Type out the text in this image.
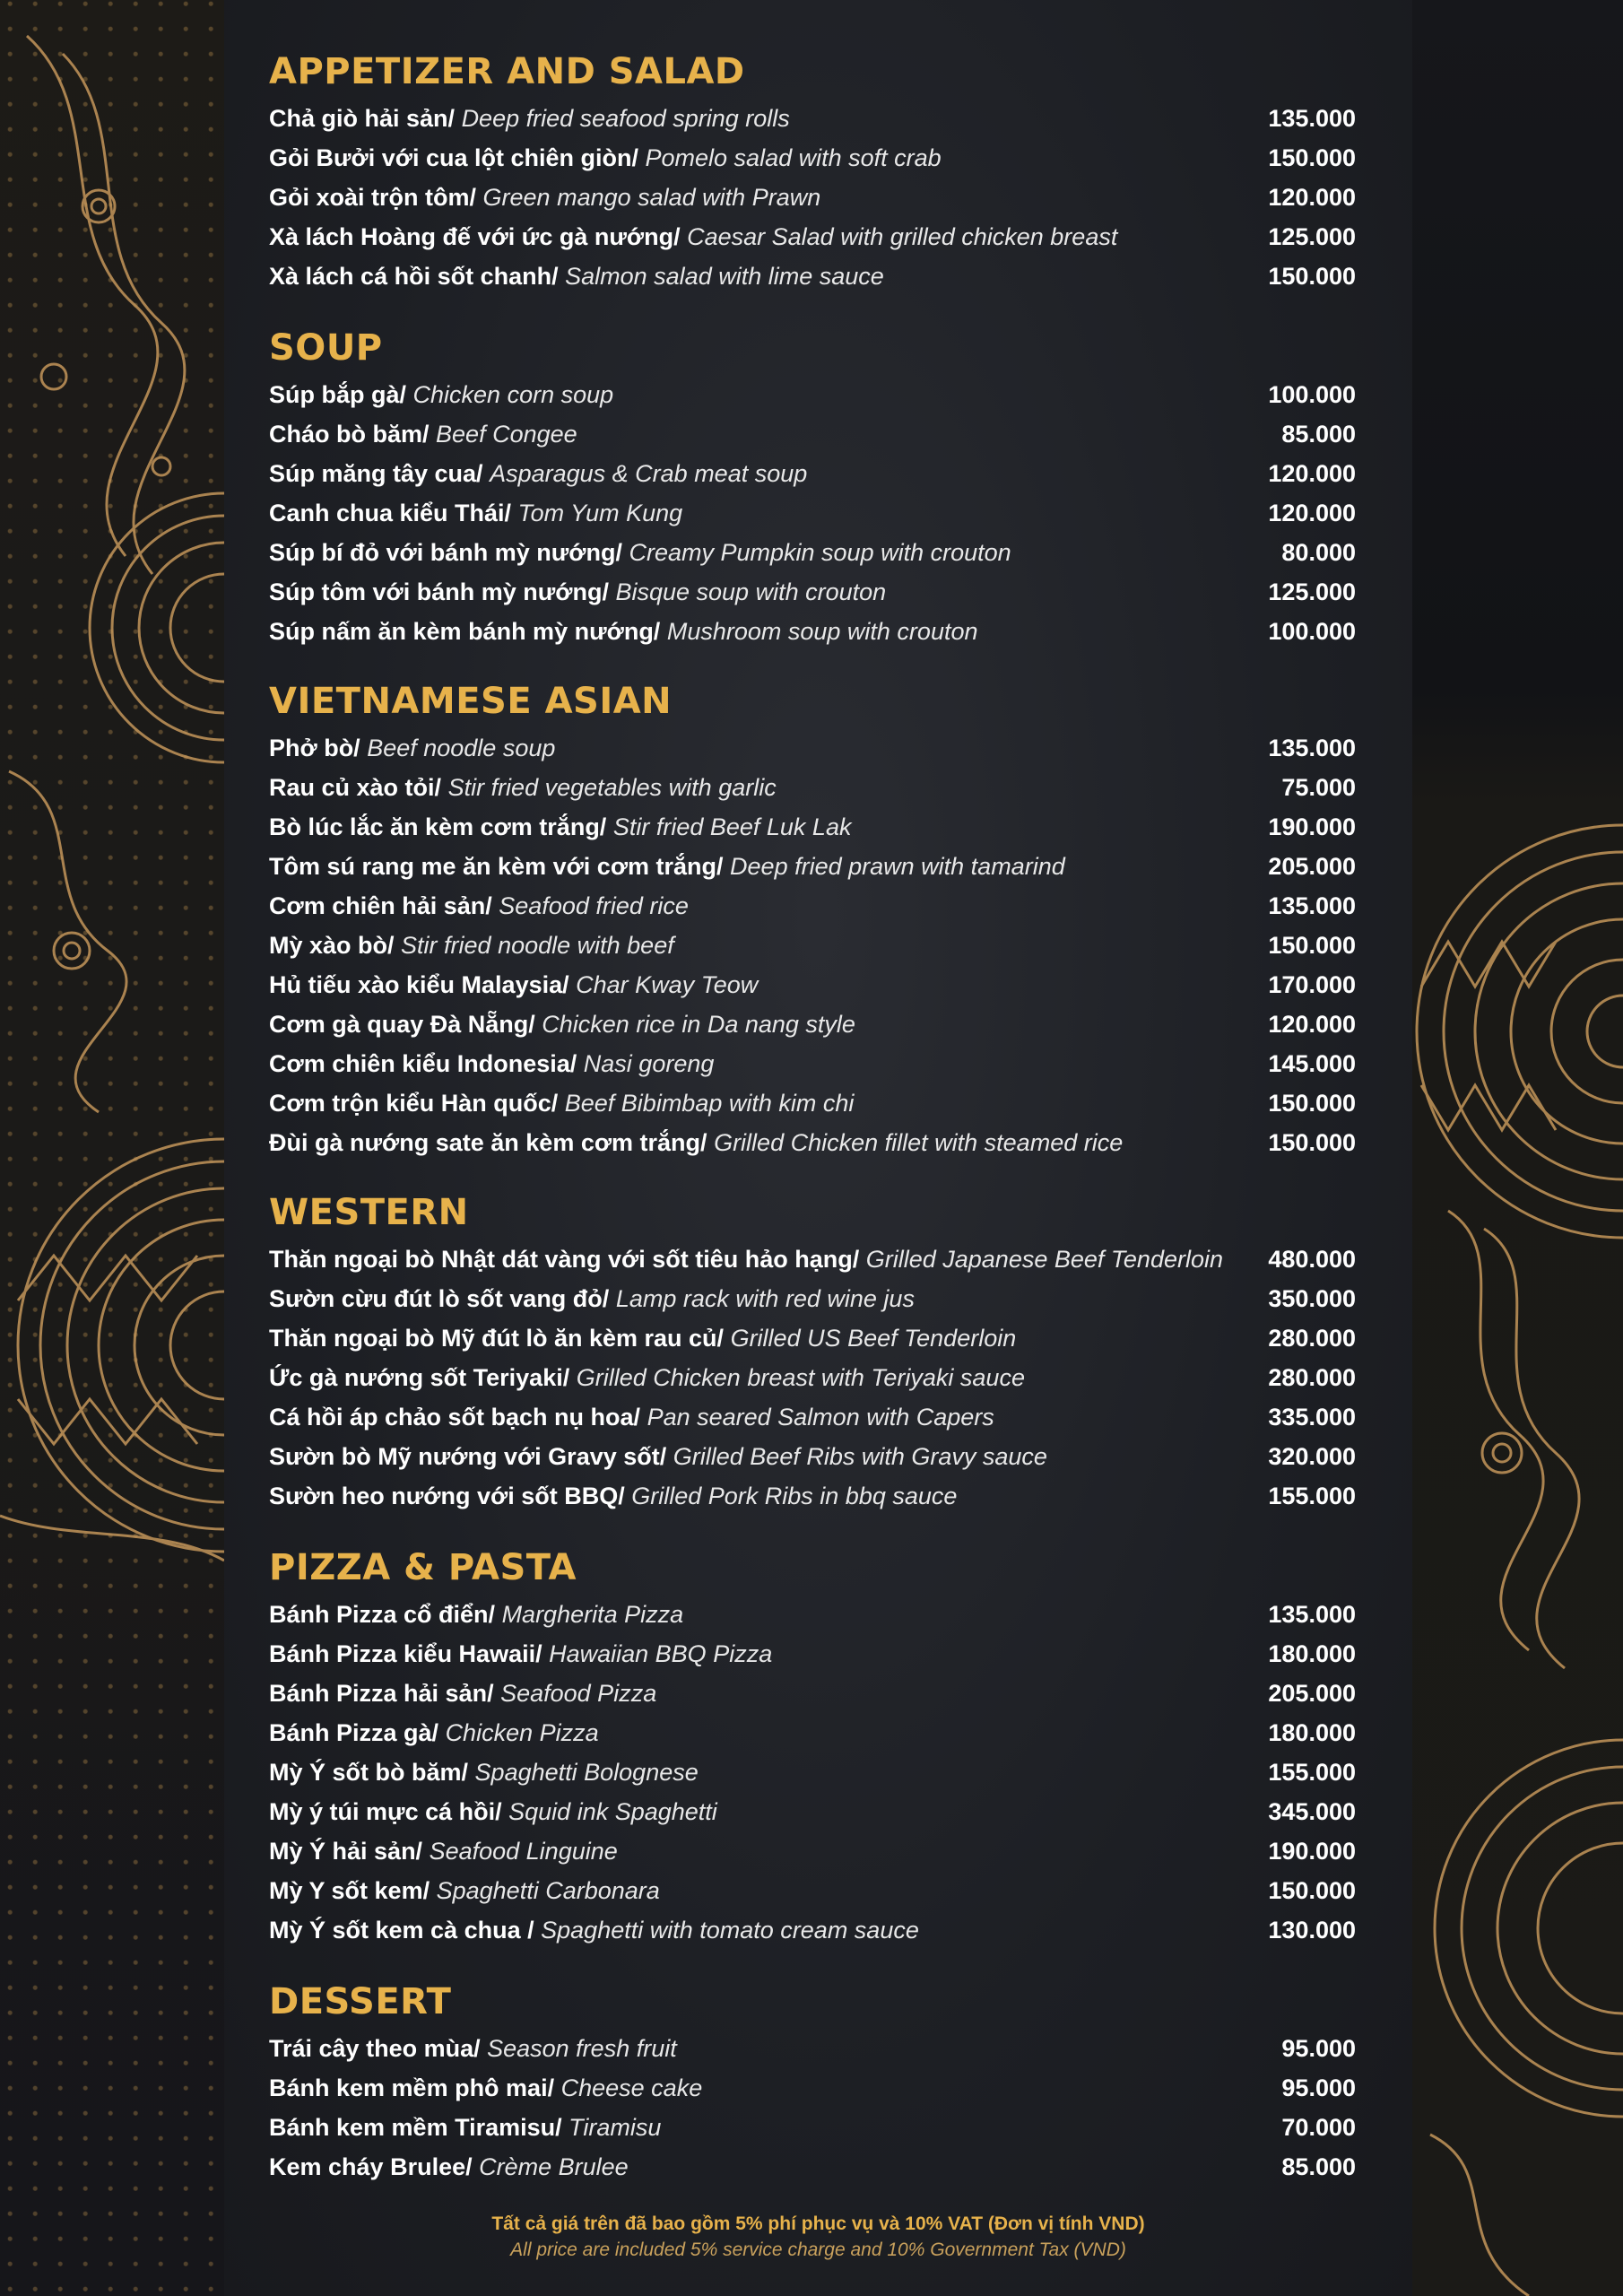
APPETIZER AND SALAD
Chả giò hải sản/ Deep fried seafood spring rolls	135.000
Gỏi Bưởi với cua lột chiên giòn/ Pomelo salad with soft crab	150.000
Gỏi xoài trộn tôm/ Green mango salad with Prawn	120.000
Xà lách Hoàng đế với ức gà nướng/ Caesar Salad with grilled chicken breast	125.000
Xà lách cá hồi sốt chanh/ Salmon salad with lime sauce	150.000
SOUP
Súp bắp gà/ Chicken corn soup	100.000
Cháo bò băm/ Beef Congee	85.000
Súp măng tây cua/ Asparagus & Crab meat soup	120.000
Canh chua kiểu Thái/ Tom Yum Kung	120.000
Súp bí đỏ với bánh mỳ nướng/ Creamy Pumpkin soup with crouton	80.000
Súp tôm với bánh mỳ nướng/ Bisque soup with crouton	125.000
Súp nấm ăn kèm bánh mỳ nướng/ Mushroom soup with crouton	100.000
VIETNAMESE ASIAN
Phở bò/ Beef noodle soup	135.000
Rau củ xào tỏi/ Stir fried vegetables with garlic	75.000
Bò lúc lắc ăn kèm cơm trắng/ Stir fried Beef Luk Lak	190.000
Tôm sú rang me ăn kèm với cơm trắng/ Deep fried prawn with tamarind	205.000
Cơm chiên hải sản/ Seafood fried rice	135.000
Mỳ xào bò/ Stir fried noodle with beef	150.000
Hủ tiếu xào kiểu Malaysia/ Char Kway Teow	170.000
Cơm gà quay Đà Nẵng/ Chicken rice in Da nang style	120.000
Cơm chiên kiểu Indonesia/ Nasi goreng	145.000
Cơm trộn kiểu Hàn quốc/ Beef Bibimbap with kim chi	150.000
Đùi gà nướng sate ăn kèm cơm trắng/ Grilled Chicken fillet with steamed rice	150.000
WESTERN
Thăn ngoại bò Nhật dát vàng với sốt tiêu hảo hạng/ Grilled Japanese Beef Tenderloin 480.000
Sườn cừu đút lò sốt vang đỏ/ Lamp rack with red wine jus	350.000
Thăn ngoại bò Mỹ đút lò ăn kèm rau củ/ Grilled US Beef Tenderloin	280.000
Ức gà nướng sốt Teriyaki/ Grilled Chicken breast with Teriyaki sauce	280.000
Cá hồi áp chảo sốt bạch nụ hoa/ Pan seared Salmon with Capers	335.000
Sườn bò Mỹ nướng với Gravy sốt/ Grilled Beef Ribs with Gravy sauce	320.000
Sườn heo nướng với sốt BBQ/ Grilled Pork Ribs in bbq sauce	155.000
PIZZA & PASTA
Bánh Pizza cổ điển/ Margherita Pizza	135.000
Bánh Pizza kiểu Hawaii/ Hawaiian BBQ Pizza	180.000
Bánh Pizza hải sản/ Seafood Pizza	205.000
Bánh Pizza gà/ Chicken Pizza	180.000
Mỳ Ý sốt bò băm/ Spaghetti Bolognese	155.000
Mỳ ý túi mực cá hồi/ Squid ink Spaghetti	345.000
Mỳ Ý hải sản/ Seafood Linguine	190.000
Mỳ Y sốt kem/ Spaghetti Carbonara	150.000
Mỳ Ý sốt kem cà chua / Spaghetti with tomato cream sauce	130.000
DESSERT
Trái cây theo mùa/ Season fresh fruit	95.000
Bánh kem mềm phô mai/ Cheese cake	95.000
Bánh kem mềm Tiramisu/ Tiramisu	70.000
Kem cháy Brulee/ Crème Brulee	85.000
Tất cả giá trên đã bao gồm 5% phí phục vụ và 10% VAT (Đơn vị tính VND)
All price are included 5% service charge and 10% Government Tax (VND)
